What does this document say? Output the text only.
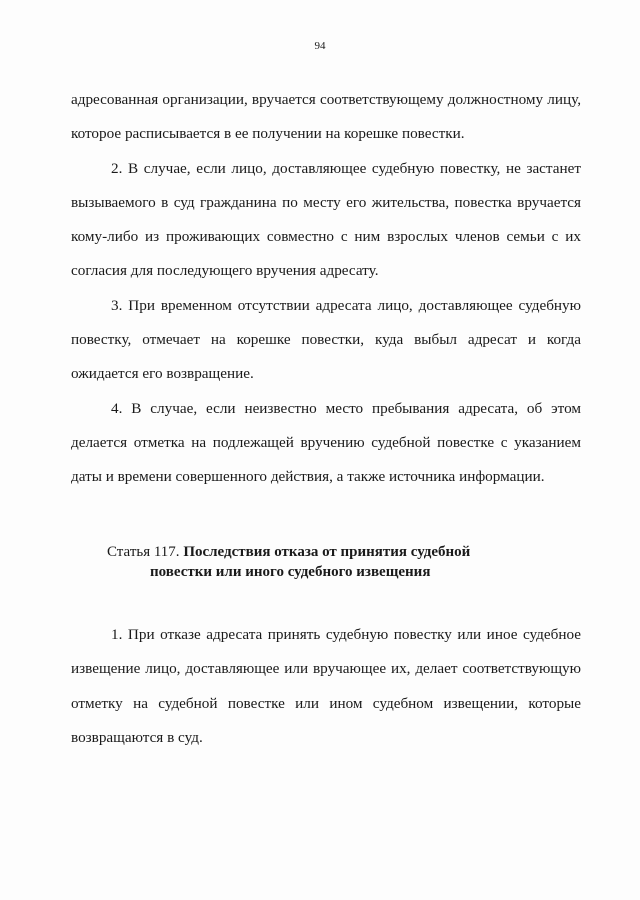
94

адресованная организации, вручается соответствующему должностному лицу, которое расписывается в ее получении на корешке повестки.

2. В случае, если лицо, доставляющее судебную повестку, не застанет вызываемого в суд гражданина по месту его жительства, повестка вручается кому-либо из проживающих совместно с ним взрослых членов семьи с их согласия для последующего вручения адресату.

3. При временном отсутствии адресата лицо, доставляющее судебную повестку, отмечает на корешке повестки, куда выбыл адресат и когда ожидается его возвращение.

4. В случае, если неизвестно место пребывания адресата, об этом делается отметка на подлежащей вручению судебной повестке с указанием даты и времени совершенного действия, а также источника информации.

Статья 117. Последствия отказа от принятия судебной
повестки или иного судебного извещения

1. При отказе адресата принять судебную повестку или иное судебное извещение лицо, доставляющее или вручающее их, делает соответствующую отметку на судебной повестке или ином судебном извещении, которые возвращаются в суд.
